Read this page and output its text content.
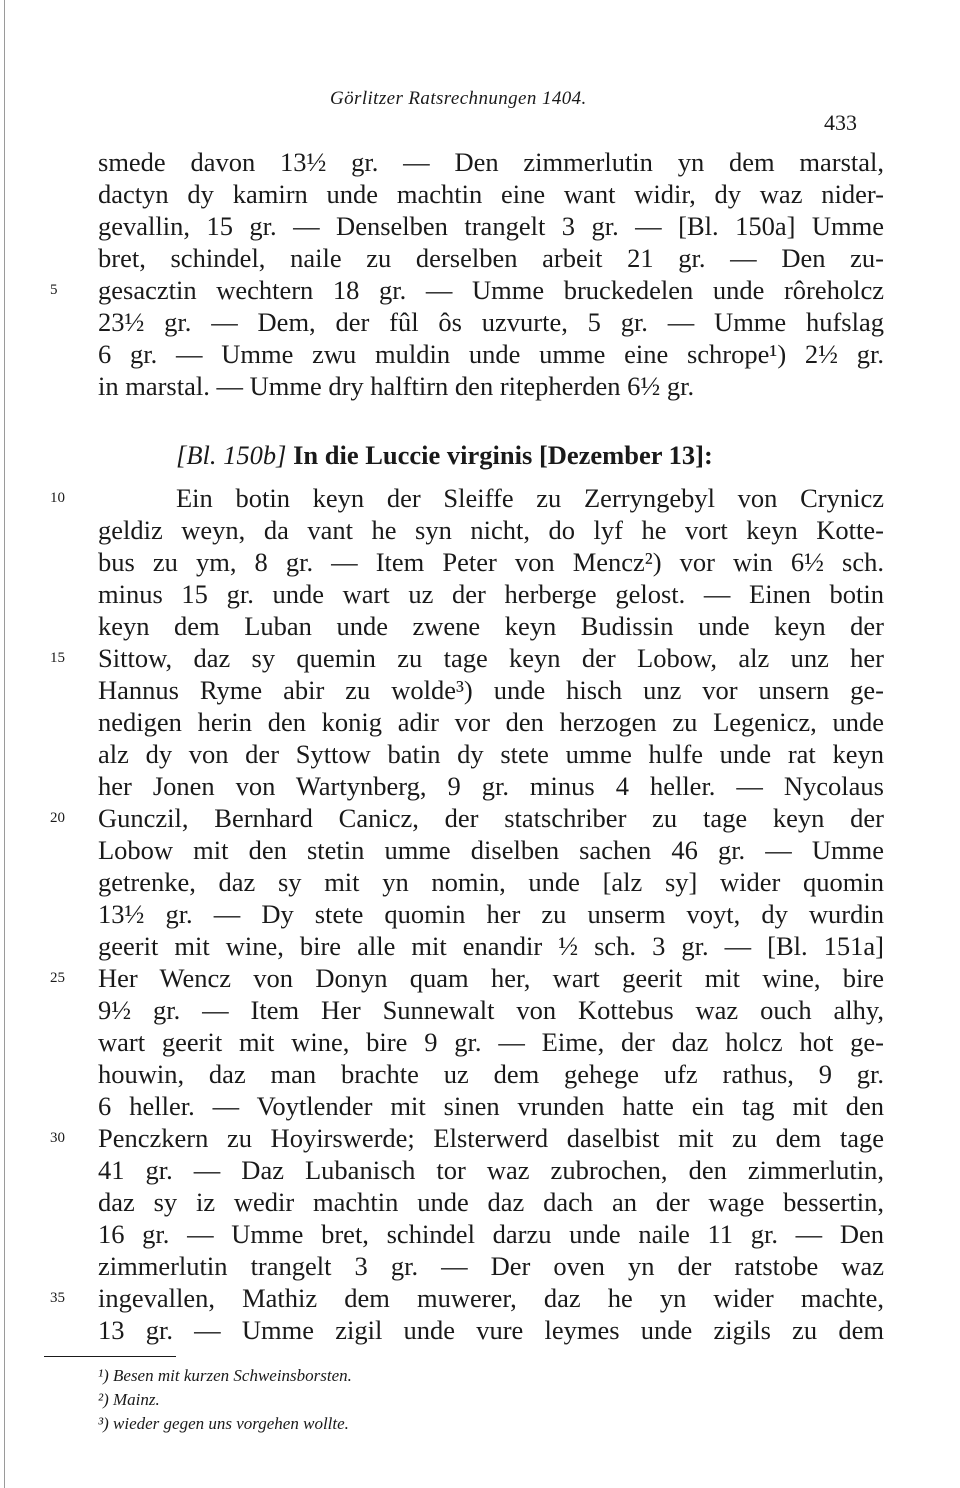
Görlitzer Ratsrechnungen 1404.
433
smede davon 13½ gr. — Den zimmerlutin yn dem marstal,
dactyn dy kamirn unde machtin eine want widir, dy waz nider-
gevallin, 15 gr. — Denselben trangelt 3 gr. — [Bl. 150a] Umme
bret, schindel, naile zu derselben arbeit 21 gr. — Den zu-
gesacztin wechtern 18 gr. — Umme bruckedelen unde rôreholcz
23½ gr. — Dem, der fûl ôs uzvurte, 5 gr. — Umme hufslag
6 gr. — Umme zwu muldin unde umme eine schrope¹) 2½ gr.
in marstal. — Umme dry halftirn den ritepherden 6½ gr.
5
[Bl. 150b] In die Luccie virginis [Dezember 13]:
Ein botin keyn der Sleiffe zu Zerryngebyl von Crynicz
geldiz weyn, da vant he syn nicht, do lyf he vort keyn Kotte-
bus zu ym, 8 gr. — Item Peter von Mencz²) vor win 6½ sch.
minus 15 gr. unde wart uz der herberge gelost. — Einen botin
keyn dem Luban unde zwene keyn Budissin unde keyn der
Sittow, daz sy quemin zu tage keyn der Lobow, alz unz her
Hannus Ryme abir zu wolde³) unde hisch unz vor unsern ge-
nedigen herin den konig adir vor den herzogen zu Legenicz, unde
alz dy von der Syttow batin dy stete umme hulfe unde rat keyn
her Jonen von Wartynberg, 9 gr. minus 4 heller. — Nycolaus
Gunczil, Bernhard Canicz, der statschriber zu tage keyn der
Lobow mit den stetin umme diselben sachen 46 gr. — Umme
getrenke, daz sy mit yn nomin, unde [alz sy] wider quomin
13½ gr. — Dy stete quomin her zu unserm voyt, dy wurdin
geerit mit wine, bire alle mit enandir ½ sch. 3 gr. — [Bl. 151a]
Her Wencz von Donyn quam her, wart geerit mit wine, bire
9½ gr. — Item Her Sunnewalt von Kottebus waz ouch alhy,
wart geerit mit wine, bire 9 gr. — Eime, der daz holcz hot ge-
houwin, daz man brachte uz dem gehege ufz rathus, 9 gr.
6 heller. — Voytlender mit sinen vrunden hatte ein tag mit den
Penczkern zu Hoyirswerde; Elsterwerd daselbist mit zu dem tage
41 gr. — Daz Lubanisch tor waz zubrochen, den zimmerlutin,
daz sy iz wedir machtin unde daz dach an der wage bessertin,
16 gr. — Umme bret, schindel darzu unde naile 11 gr. — Den
zimmerlutin trangelt 3 gr. — Der oven yn der ratstobe waz
ingevallen, Mathiz dem muwerer, daz he yn wider machte,
13 gr. — Umme zigil unde vure leymes unde zigils zu dem
10
15
20
25
30
35
¹) Besen mit kurzen Schweinsborsten.
²) Mainz.
³) wieder gegen uns vorgehen wollte.
